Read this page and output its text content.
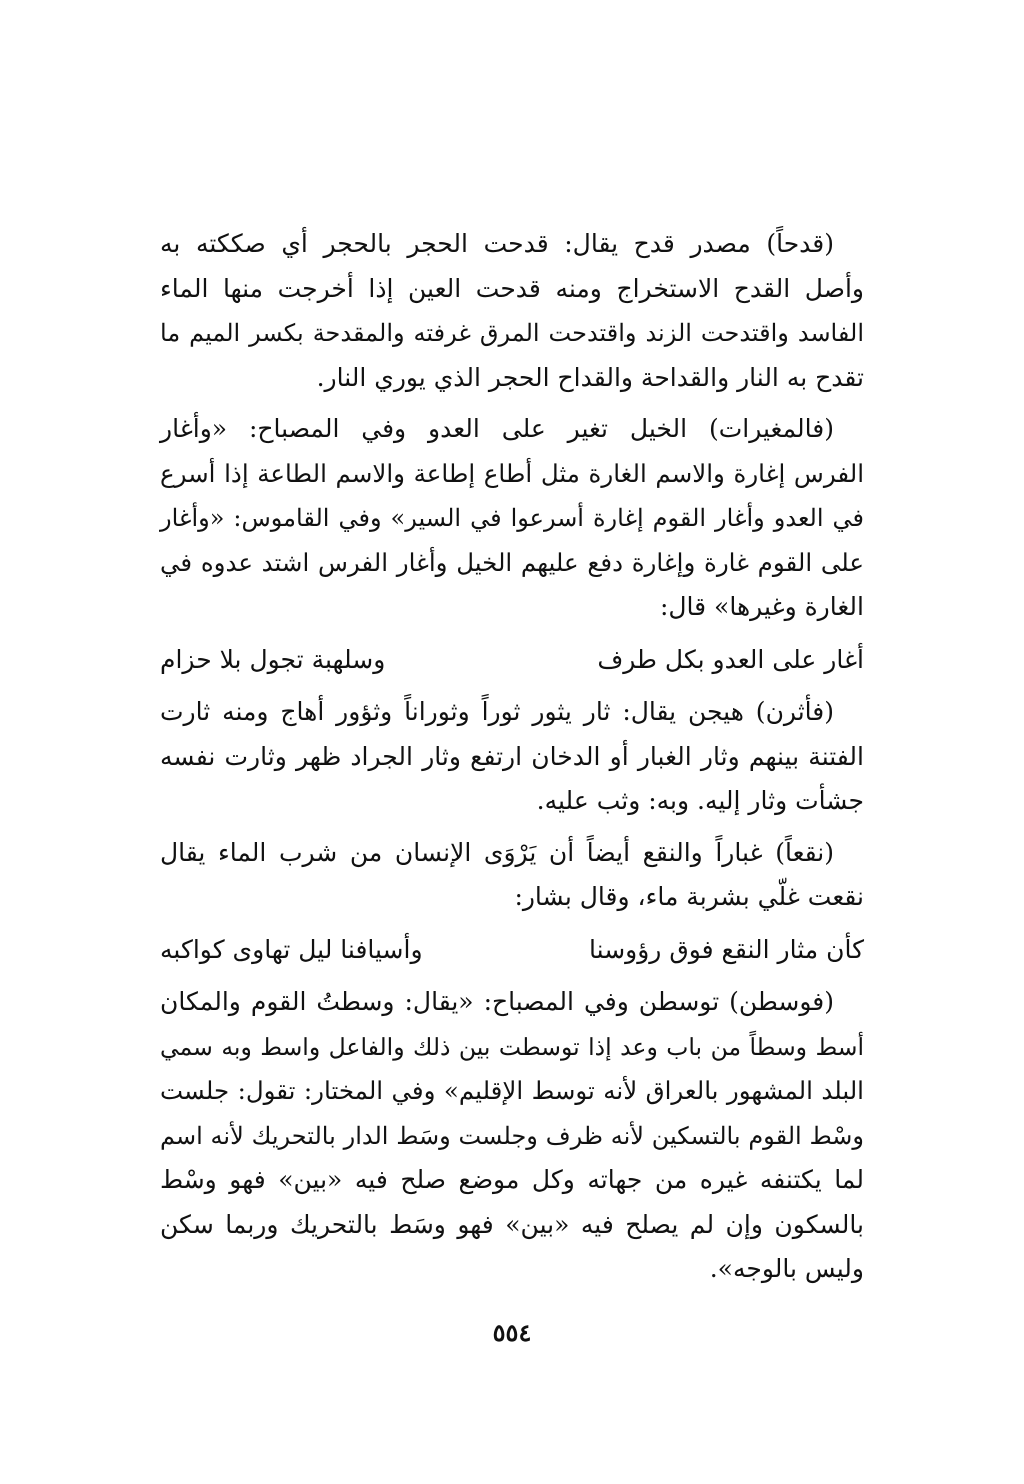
(قدحاً) مصدر قدح يقال: قدحت الحجر بالحجر أي صككته به
وأصل القدح الاستخراج ومنه قدحت العين إذا أخرجت منها الماء
الفاسد واقتدحت الزند واقتدحت المرق غرفته والمقدحة بكسر الميم ما
تقدح به النار والقداحة والقداح الحجر الذي يوري النار.
(فالمغيرات) الخيل تغير على العدو وفي المصباح: «وأغار
الفرس إغارة والاسم الغارة مثل أطاع إطاعة والاسم الطاعة إذا أسرع
في العدو وأغار القوم إغارة أسرعوا في السير» وفي القاموس: «وأغار
على القوم غارة وإغارة دفع عليهم الخيل وأغار الفرس اشتد عدوه في
الغارة وغيرها» قال:
أغار على العدو بكل طرف
وسلهبة تجول بلا حزام
(فأثرن) هيجن يقال: ثار يثور ثوراً وثوراناً وثؤور أهاج ومنه ثارت
الفتنة بينهم وثار الغبار أو الدخان ارتفع وثار الجراد ظهر وثارت نفسه
جشأت وثار إليه. وبه: وثب عليه.
(نقعاً) غباراً والنقع أيضاً أن يَرْوَى الإنسان من شرب الماء يقال
نقعت غلّي بشربة ماء، وقال بشار:
كأن مثار النقع فوق رؤوسنا
وأسيافنا ليل تهاوى كواكبه
(فوسطن) توسطن وفي المصباح: «يقال: وسطتُ القوم والمكان
أسط وسطاً من باب وعد إذا توسطت بين ذلك والفاعل واسط وبه سمي
البلد المشهور بالعراق لأنه توسط الإقليم» وفي المختار: تقول: جلست
وسْط القوم بالتسكين لأنه ظرف وجلست وسَط الدار بالتحريك لأنه اسم
لما يكتنفه غيره من جهاته وكل موضع صلح فيه «بين» فهو وسْط
بالسكون وإن لم يصلح فيه «بين» فهو وسَط بالتحريك وربما سكن
وليس بالوجه».
٥٥٤
